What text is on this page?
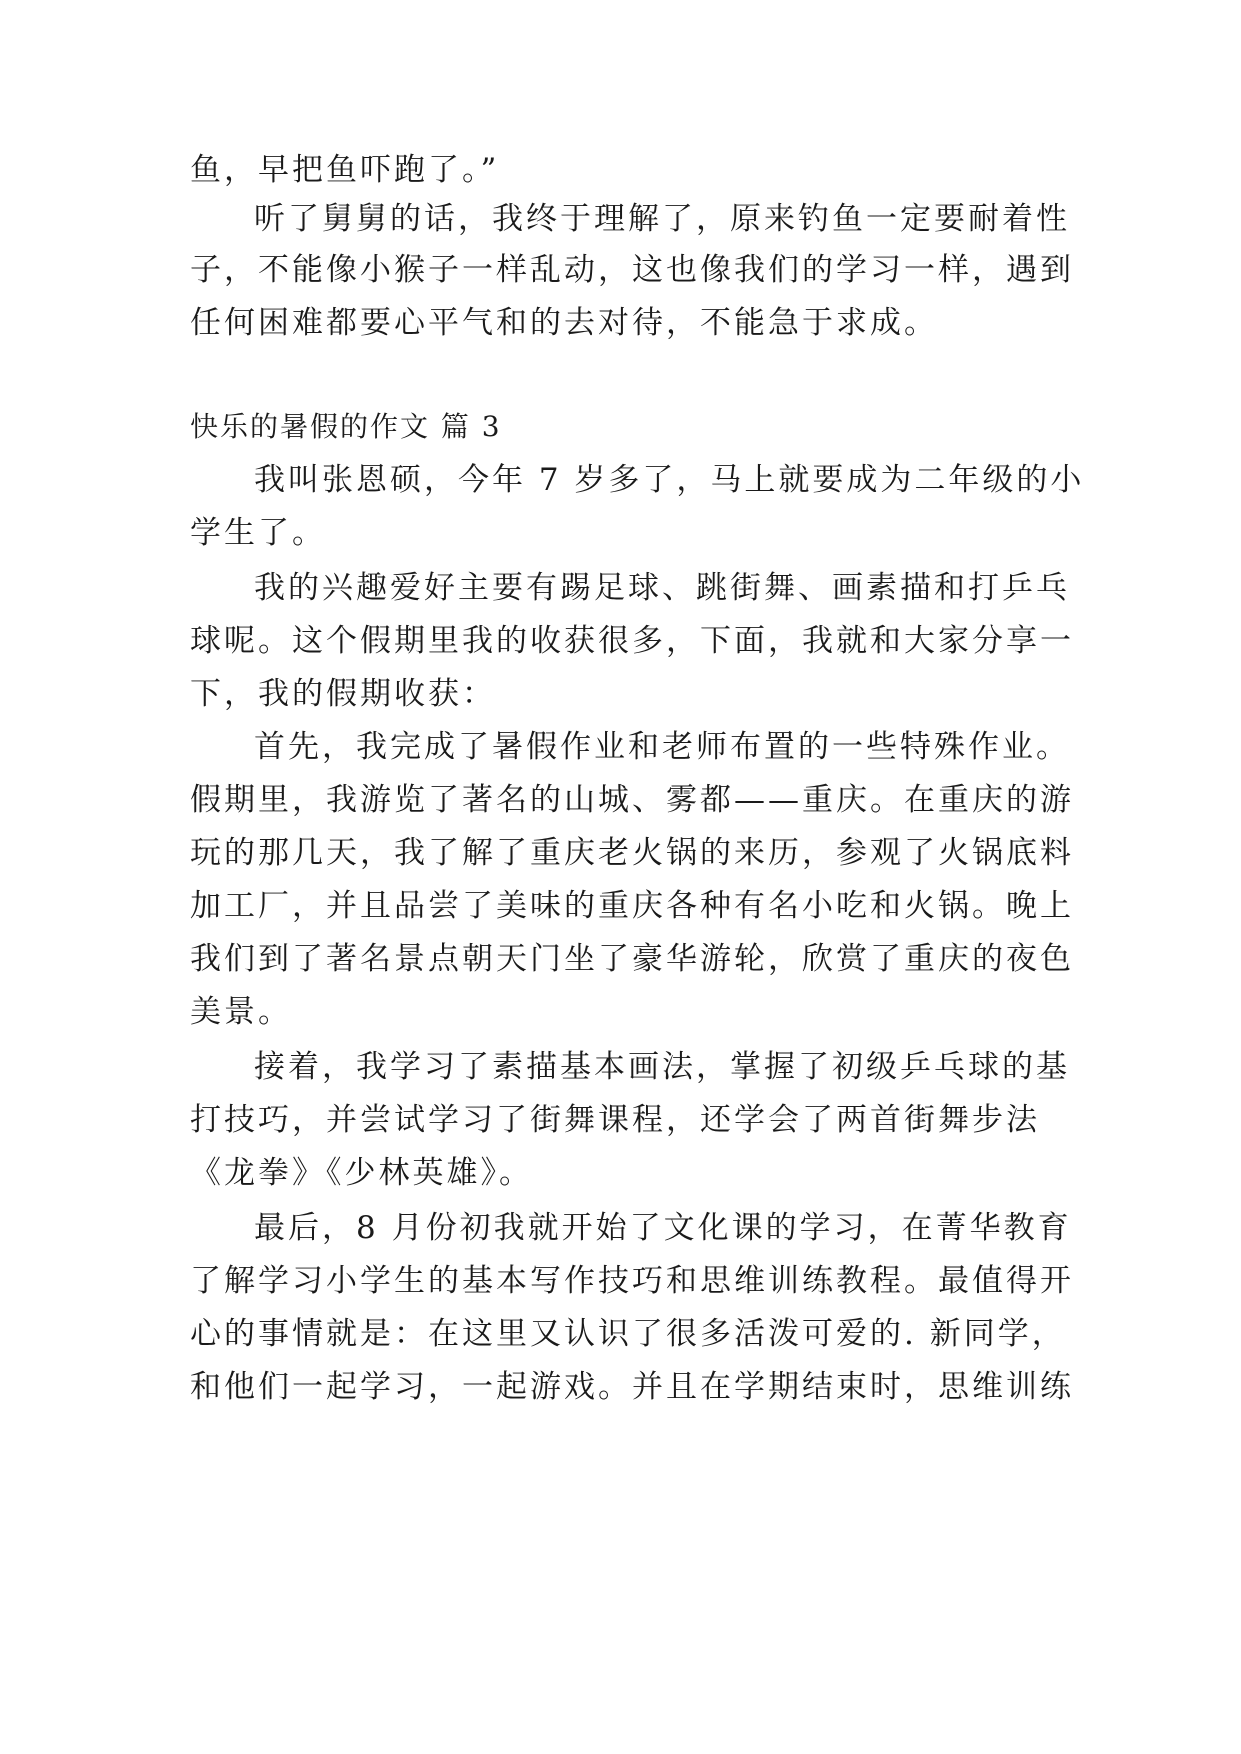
鱼，早把鱼吓跑了。”
听了舅舅的话，我终于理解了，原来钓鱼一定要耐着性
子，不能像小猴子一样乱动，这也像我们的学习一样，遇到
任何困难都要心平气和的去对待，不能急于求成。
快乐的暑假的作文 篇 3
我叫张恩硕，今年 7 岁多了，马上就要成为二年级的小
学生了。
我的兴趣爱好主要有踢足球、跳街舞、画素描和打乒乓
球呢。这个假期里我的收获很多，下面，我就和大家分享一
下，我的假期收获：
首先，我完成了暑假作业和老师布置的一些特殊作业。
假期里，我游览了著名的山城、雾都——重庆。在重庆的游
玩的那几天，我了解了重庆老火锅的来历，参观了火锅底料
加工厂，并且品尝了美味的重庆各种有名小吃和火锅。晚上
我们到了著名景点朝天门坐了豪华游轮，欣赏了重庆的夜色
美景。
接着，我学习了素描基本画法，掌握了初级乒乓球的基
打技巧，并尝试学习了街舞课程，还学会了两首街舞步法
《龙拳》《少林英雄》。
最后，8 月份初我就开始了文化课的学习，在菁华教育
了解学习小学生的基本写作技巧和思维训练教程。最值得开
心的事情就是：在这里又认识了很多活泼可爱的. 新同学，
和他们一起学习，一起游戏。并且在学期结束时，思维训练
